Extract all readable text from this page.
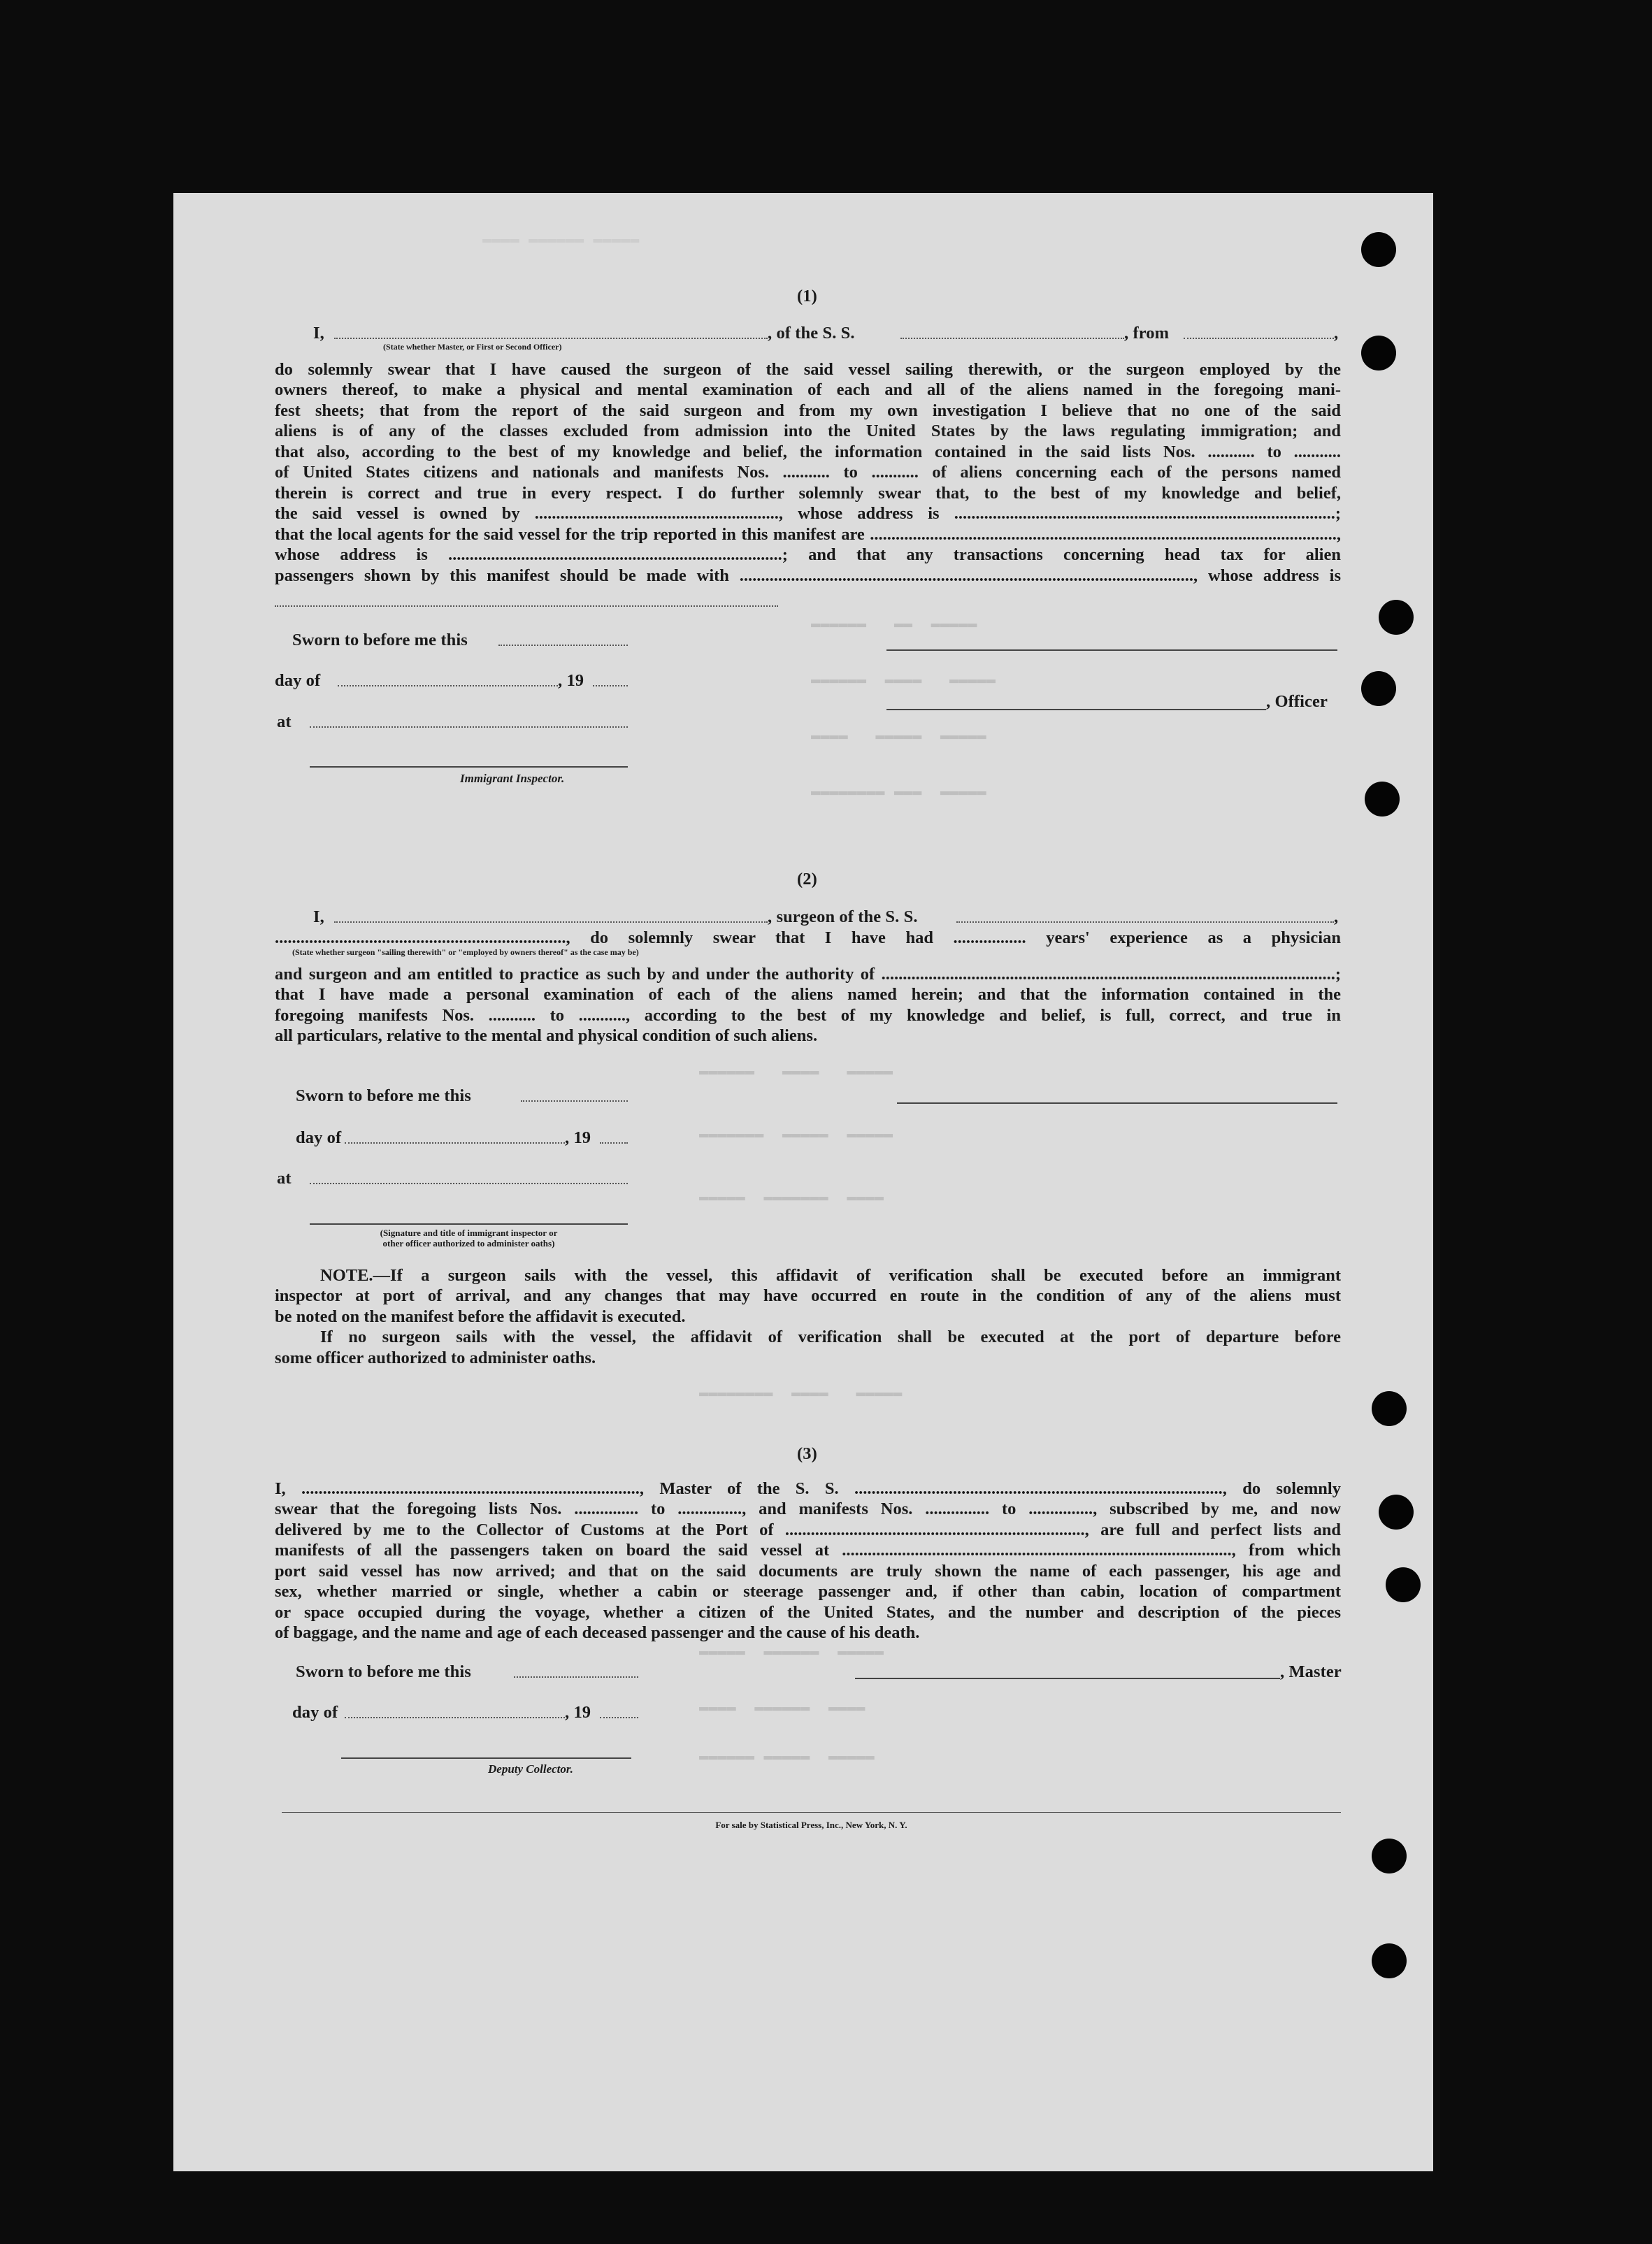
▬▬▬▬ ▬▬▬▬▬▬ ▬▬▬▬▬
▬▬▬▬▬▬   ▬▬  ▬▬▬▬▬
▬▬▬▬▬▬  ▬▬▬▬   ▬▬▬▬▬
▬▬▬▬   ▬▬▬▬▬  ▬▬▬▬▬
▬▬▬▬▬▬▬▬ ▬▬▬  ▬▬▬▬▬
▬▬▬▬▬▬   ▬▬▬▬   ▬▬▬▬▬
▬▬▬▬▬▬▬  ▬▬▬▬▬  ▬▬▬▬▬
▬▬▬▬▬  ▬▬▬▬▬▬▬  ▬▬▬▬
▬▬▬▬▬▬▬▬  ▬▬▬▬   ▬▬▬▬▬
▬▬▬▬▬  ▬▬▬▬▬▬  ▬▬▬▬▬
▬▬▬▬  ▬▬▬▬▬▬  ▬▬▬▬
▬▬▬▬▬▬ ▬▬▬▬▬  ▬▬▬▬▬
(1)
I,	, of the S. S.	, from	,
(State whether Master, or First or Second Officer)
do solemnly swear that I have caused the surgeon of the said vessel sailing therewith, or the surgeon employed by the
owners thereof, to make a physical and mental examination of each and all of the aliens named in the foregoing mani-
fest sheets; that from the report of the said surgeon and from my own investigation I believe that no one of the said
aliens is of any of the classes excluded from admission into the United States by the laws regulating immigration; and
that also, according to the best of my knowledge and belief, the information contained in the said lists Nos. ........... to ...........
of United States citizens and nationals and manifests Nos. ........... to ........... of aliens concerning each of the persons named
therein is correct and true in every respect. I do further solemnly swear that, to the best of my knowledge and belief,
the said vessel is owned by ........................................................., whose address is .........................................................................................;
that the local agents for the said vessel for the trip reported in this manifest are .............................................................................................................,
whose address is ..............................................................................; and that any transactions concerning head tax for alien
passengers shown by this manifest should be made with .........................................................................................................., whose address is
Sworn to before me this
day of	, 19
at
Immigrant Inspector.
, Officer
(2)
I,	, surgeon of the S. S.	,
...................................................................., do solemnly swear that I have had ................. years' experience as a physician
(State whether surgeon "sailing therewith" or "employed by owners thereof" as the case may be)
and surgeon and am entitled to practice as such by and under the authority of ..........................................................................................................;
that I have made a personal examination of each of the aliens named herein; and that the information contained in the
foregoing manifests Nos. ........... to ..........., according to the best of my knowledge and belief, is full, correct, and true in
all particulars, relative to the mental and physical condition of such aliens.
Sworn to before me this
day of	, 19
at
(Signature and title of immigrant inspector or
other officer authorized to administer oaths)
NOTE.—If a surgeon sails with the vessel, this affidavit of verification shall be executed before an immigrant
inspector at port of arrival, and any changes that may have occurred en route in the condition of any of the aliens must
be noted on the manifest before the affidavit is executed.
If no surgeon sails with the vessel, the affidavit of verification shall be executed at the port of departure before
some officer authorized to administer oaths.
(3)
I, ..............................................................................., Master of the S. S. ......................................................................................, do solemnly
swear that the foregoing lists Nos. ............... to ..............., and manifests Nos. ............... to ..............., subscribed by me, and now
delivered by me to the Collector of Customs at the Port of ......................................................................, are full and perfect lists and
manifests of all the passengers taken on board the said vessel at ..........................................................................................., from which
port said vessel has now arrived; and that on the said documents are truly shown the name of each passenger, his age and
sex, whether married or single, whether a cabin or steerage passenger and, if other than cabin, location of compartment
or space occupied during the voyage, whether a citizen of the United States, and the number and description of the pieces
of baggage, and the name and age of each deceased passenger and the cause of his death.
Sworn to before me this
day of	, 19
Deputy Collector.
, Master
For sale by Statistical Press, Inc., New York, N. Y.
